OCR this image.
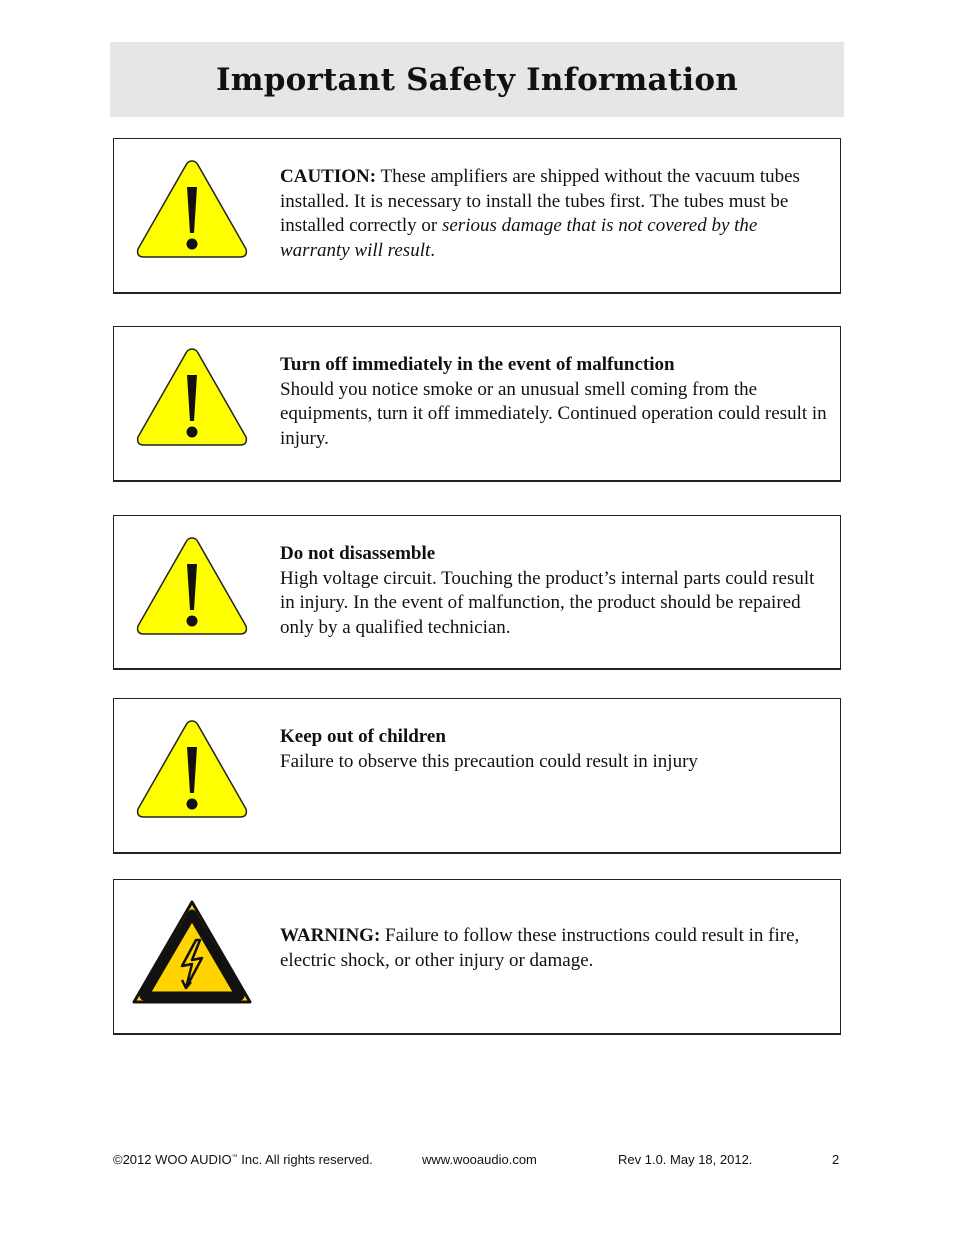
Important Safety Information
CAUTION: These amplifiers are shipped without the vacuum tubes installed. It is necessary to install the tubes first. The tubes must be installed correctly or serious damage that is not covered by the warranty will result.
Turn off immediately in the event of malfunction
Should you notice smoke or an unusual smell coming from the equipments, turn it off immediately. Continued operation could result in injury.
Do not disassemble
High voltage circuit. Touching the product’s internal parts could result in injury. In the event of malfunction, the product should be repaired only by a qualified technician.
Keep out of children
Failure to observe this precaution could result in injury
WARNING: Failure to follow these instructions could result in fire, electric shock, or other injury or damage.
©2012 WOO AUDIO™ Inc. All rights reserved.	www.wooaudio.com	Rev 1.0. May 18, 2012.	2
